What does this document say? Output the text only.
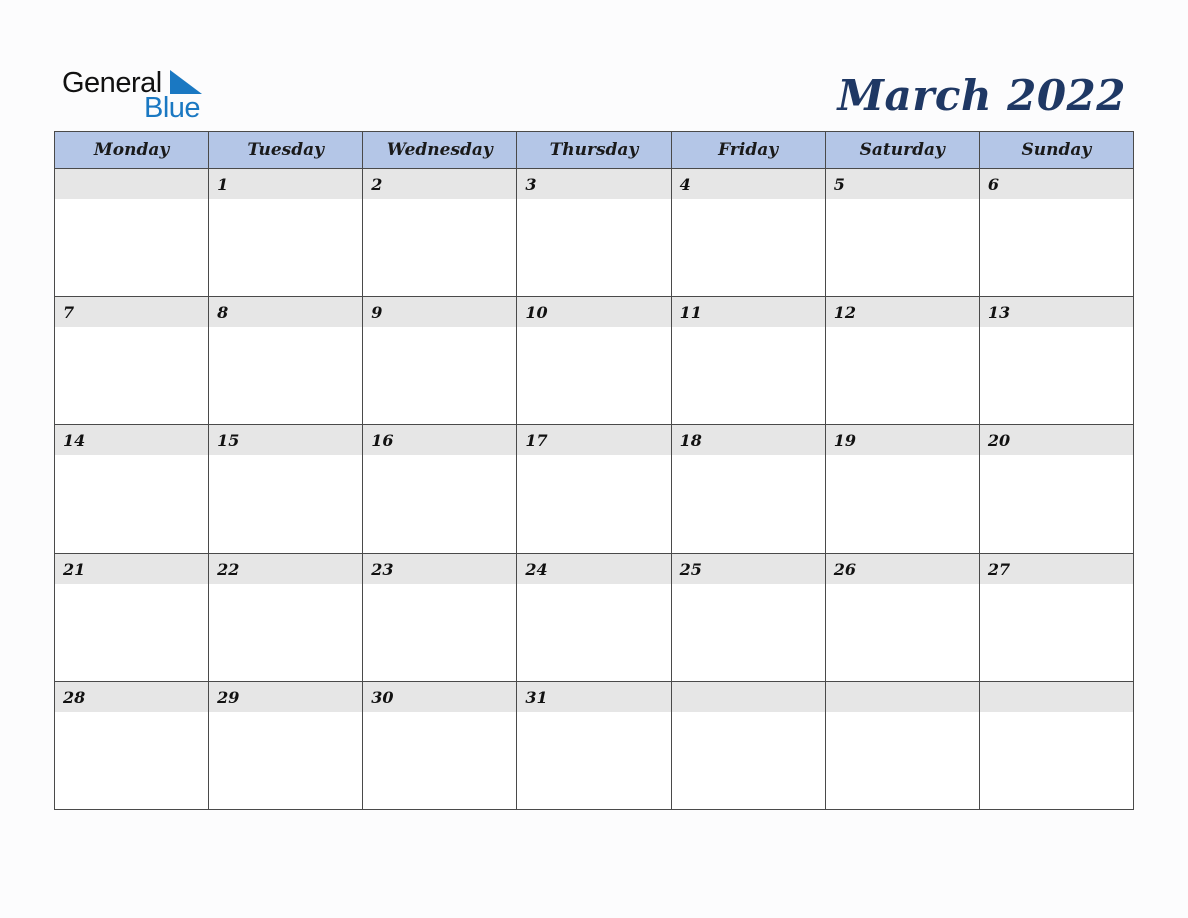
General
Blue	March 2022
Monday	Tuesday	Wednesday	Thursday	Friday	Saturday	Sunday

	1	2	3	4	5	6

7	8	9	10	11	12	13

14	15	16	17	18	19	20

21	22	23	24	25	26	27

28	29	30	31			
